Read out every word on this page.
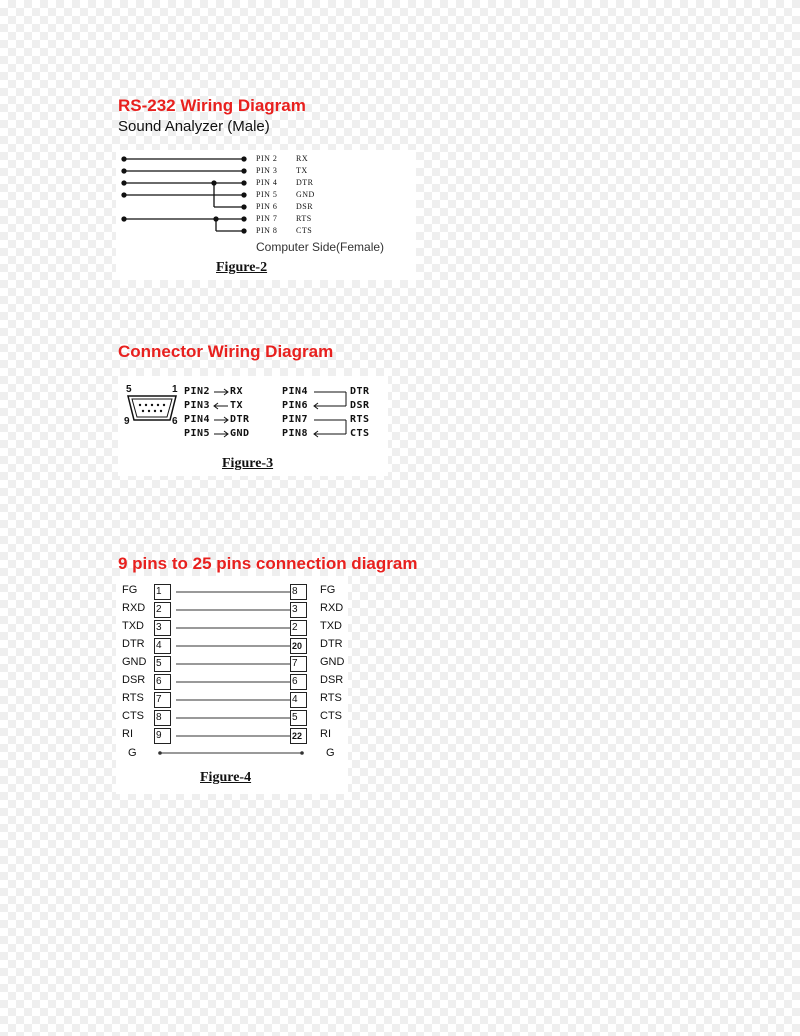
RS-232 Wiring Diagram
Sound Analyzer (Male)
PIN 2 RX
PIN 3 TX
PIN 4 DTR
PIN 5 GND
PIN 6 DSR
PIN 7 RTS
PIN 8 CTS
Computer Side(Female)
Figure-2
Connector Wiring Diagram
5	1
9	6
PIN2 RX
PIN3 TX
PIN4 DTR
PIN5 GND
PIN4	DTR
PIN6	DSR
PIN7	RTS
PIN8	CTS
Figure-3
9 pins to 25 pins connection diagram
FG 1	8	FG
RXD 2	3	RXD
TXD 3	2	TXD
DTR 4	20	DTR
GND 5	7	GND
DSR 6	6	DSR
RTS 7	4	RTS
CTS 8	5	CTS
RI 9	22	RI
G	G
Figure-4
